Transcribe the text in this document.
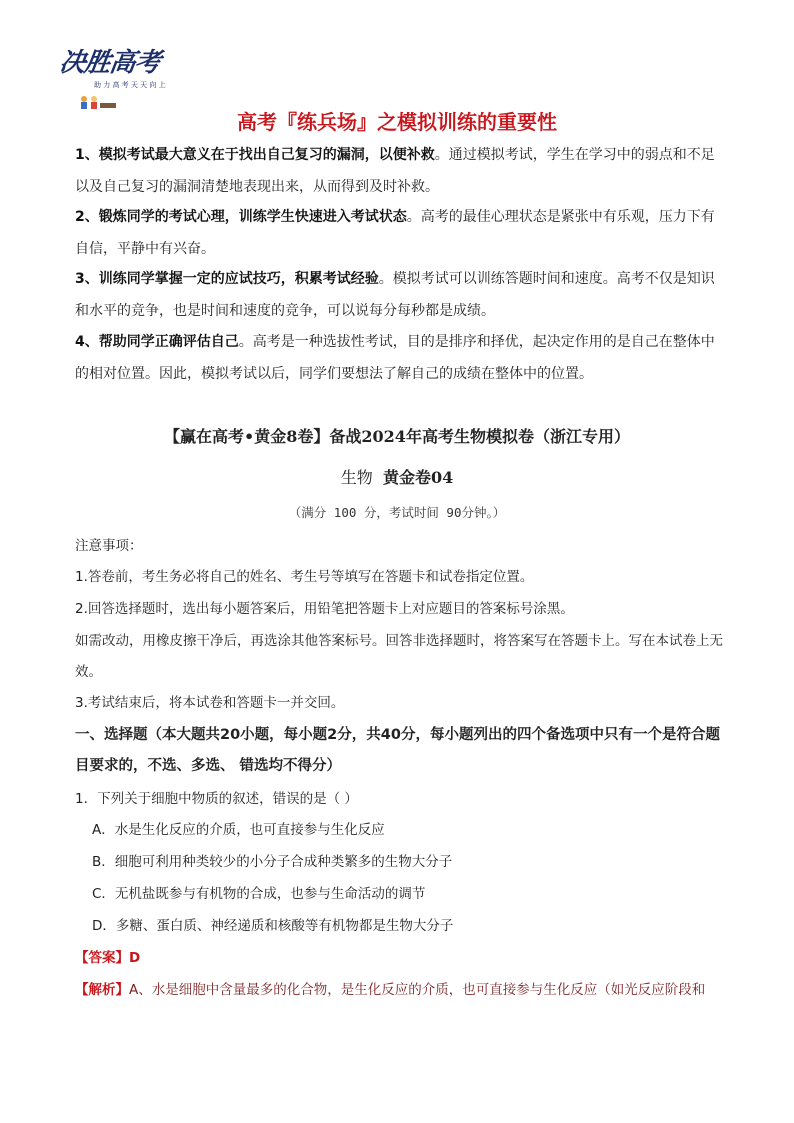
决胜高考
助 力 高 考 天 天 向 上
高考『练兵场』之模拟训练的重要性
1、模拟考试最大意义在于找出自己复习的漏洞，以便补救。通过模拟考试，学生在学习中的弱点和不足以及自己复习的漏洞清楚地表现出来，从而得到及时补救。
2、锻炼同学的考试心理，训练学生快速进入考试状态。高考的最佳心理状态是紧张中有乐观，压力下有自信，平静中有兴奋。
3、训练同学掌握一定的应试技巧，积累考试经验。模拟考试可以训练答题时间和速度。高考不仅是知识和水平的竞争，也是时间和速度的竞争，可以说每分每秒都是成绩。
4、帮助同学正确评估自己。高考是一种选拔性考试，目的是排序和择优，起决定作用的是自己在整体中的相对位置。因此，模拟考试以后，同学们要想法了解自己的成绩在整体中的位置。
【赢在高考•黄金8卷】备战2024年高考生物模拟卷（浙江专用）
生物 黄金卷04
（满分 100 分，考试时间 90分钟。）
注意事项：
1.答卷前，考生务必将自己的姓名、考生号等填写在答题卡和试卷指定位置。
2.回答选择题时，选出每小题答案后，用铅笔把答题卡上对应题目的答案标号涂黑。
如需改动，用橡皮擦干净后，再选涂其他答案标号。回答非选择题时，将答案写在答题卡上。写在本试卷上无效。
3.考试结束后，将本试卷和答题卡一并交回。
一、选择题（本大题共20小题，每小题2分，共40分，每小题列出的四个备选项中只有一个是符合题目要求的，不选、多选、 错选均不得分）
1．下列关于细胞中物质的叙述，错误的是（ ）
A．水是生化反应的介质，也可直接参与生化反应
B．细胞可利用种类较少的小分子合成种类繁多的生物大分子
C．无机盐既参与有机物的合成，也参与生命活动的调节
D．多糖、蛋白质、神经递质和核酸等有机物都是生物大分子
【答案】D
【解析】A、水是细胞中含量最多的化合物，是生化反应的介质，也可直接参与生化反应（如光反应阶段和
